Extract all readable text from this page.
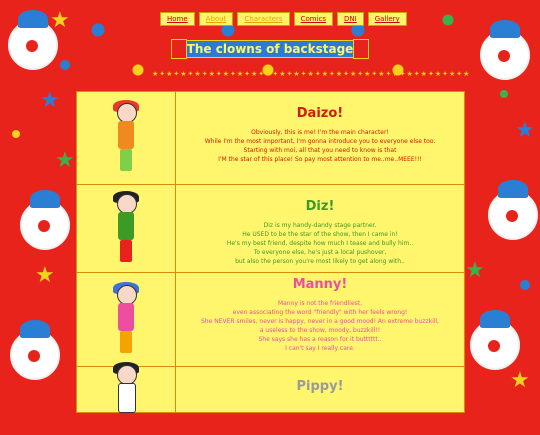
★
★
★
★
★
★
★
Home	About	Characters	Comics	DNI	Gallery
The clowns of backstage
★✦★✦★✦★✦★✦★✦★✦★✦★✦★✦★✦★✦★✦★✦★✦★✦★✦★✦★✦★✦★✦★✦★
Daizo!
Obviously, this is me! I'm the main character!
While I'm the most important, I'm gonna introduce you to everyone else too.
Starting with moi, all that you need to know is that
I'M the star of this place! So pay most attention to me..me..MEEE!!!
Diz!
Diz is my handy-dandy stage partner.
He USED to be the star of the show, then I came in!
He's my best friend, despite how much I tease and bully him..
To everyone else, he's just a local pushover,
but also the person you're most likely to get along with..
Manny!
Manny is not the friendliest,
even associating the word "friendly" with her feels wrong!
She NEVER smiles, never is happy, never in a good mood! An extreme buzzkill,
a useless to the show, moody, buzzkill!!
She says she has a reason for it butttttt..
I can't say I really care.
Pippy!
